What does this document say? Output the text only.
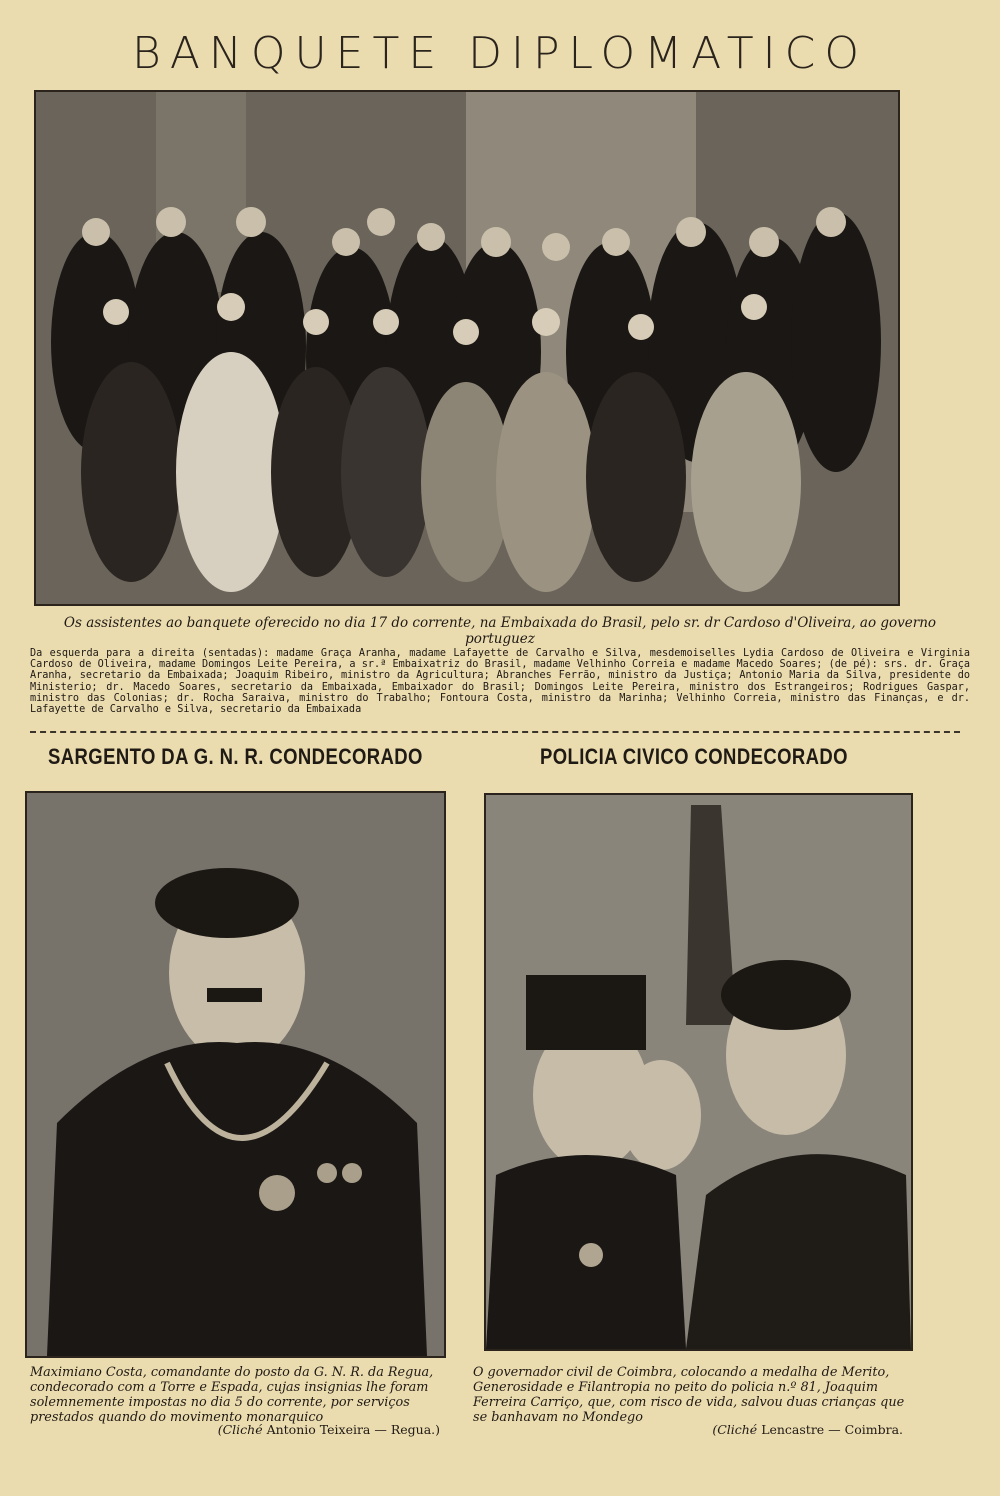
BANQUETE DIPLOMATICO
Os assistentes ao banquete oferecido no dia 17 do corrente, na Embaixada do Brasil, pelo sr. dr Cardoso d'Oliveira, ao governo portuguez
Da esquerda para a direita (sentadas): madame Graça Aranha, madame Lafayette de Carvalho e Silva, mesdemoiselles Lydia Cardoso de Oliveira e Virginia Cardoso de Oliveira, madame Domingos Leite Pereira, a sr.ª Embaixatriz do Brasil, madame Velhinho Correia e madame Macedo Soares; (de pé): srs. dr. Graça Aranha, secretario da Embaixada; Joaquim Ribeiro, ministro da Agricultura; Abranches Ferrão, ministro da Justiça; Antonio Maria da Silva, presidente do Ministerio; dr. Macedo Soares, secretario da Embaixada, Embaixador do Brasil; Domingos Leite Pereira, ministro dos Estrangeiros; Rodrigues Gaspar, ministro das Colonias; dr. Rocha Saraiva, ministro do Trabalho; Fontoura Costa, ministro da Marinha; Velhinho Correia, ministro das Finanças, e dr. Lafayette de Carvalho e Silva, secretario da Embaixada
SARGENTO DA G. N. R. CONDECORADO
Maximiano Costa, comandante do posto da G. N. R. da Regua, condecorado com a Torre e Espada, cujas insignias lhe foram solemnemente impostas no dia 5 do corrente, por serviços prestados quando do movimento monarquico
(Cliché Antonio Teixeira — Regua.)
POLICIA CIVICO CONDECORADO
O governador civil de Coimbra, colocando a medalha de Merito, Generosidade e Filantropia no peito do policia n.º 81, Joaquim Ferreira Carriço, que, com risco de vida, salvou duas crianças que se banhavam no Mondego
(Cliché Lencastre — Coimbra.
